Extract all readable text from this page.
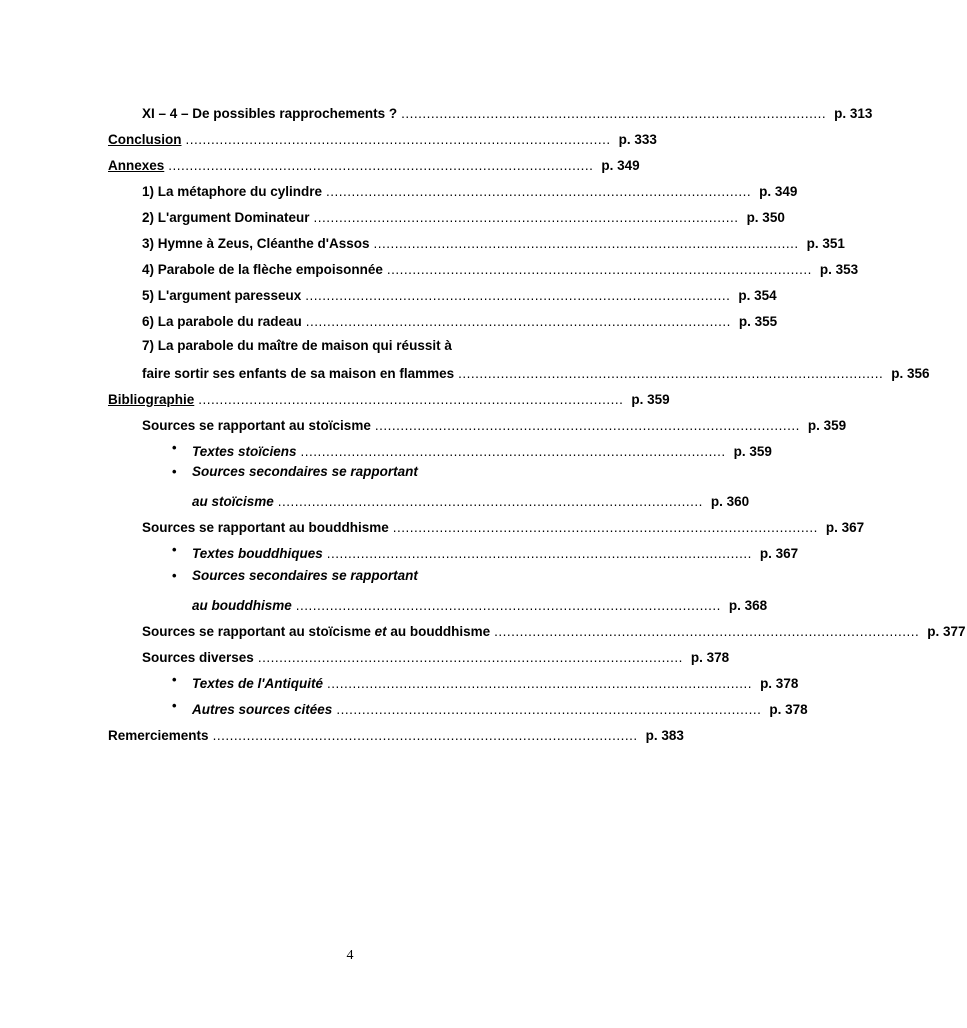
XI – 4 – De possibles rapprochements ? .................................................................................................... p. 313
Conclusion .................................................................................................... p. 333
Annexes .................................................................................................... p. 349
1) La métaphore du cylindre .................................................................................................... p. 349
2) L'argument Dominateur .................................................................................................... p. 350
3) Hymne à Zeus, Cléanthe d'Assos .................................................................................................... p. 351
4) Parabole de la flèche empoisonnée .................................................................................................... p. 353
5) L'argument paresseux .................................................................................................... p. 354
6) La parabole du radeau .................................................................................................... p. 355
7) La parabole du maître de maison qui réussit à
faire sortir ses enfants de sa maison en flammes .................................................................................................... p. 356
Bibliographie .................................................................................................... p. 359
Sources se rapportant au stoïcisme .................................................................................................... p. 359
• Textes stoïciens .................................................................................................... p. 359
• Sources secondaires se rapportant
au stoïcisme .................................................................................................... p. 360
Sources se rapportant au bouddhisme .................................................................................................... p. 367
• Textes bouddhiques .................................................................................................... p. 367
• Sources secondaires se rapportant
au bouddhisme .................................................................................................... p. 368
Sources se rapportant au stoïcisme et au bouddhisme .................................................................................................... p. 377
Sources diverses .................................................................................................... p. 378
• Textes de l'Antiquité .................................................................................................... p. 378
• Autres sources citées .................................................................................................... p. 378
Remerciements .................................................................................................... p. 383
4
